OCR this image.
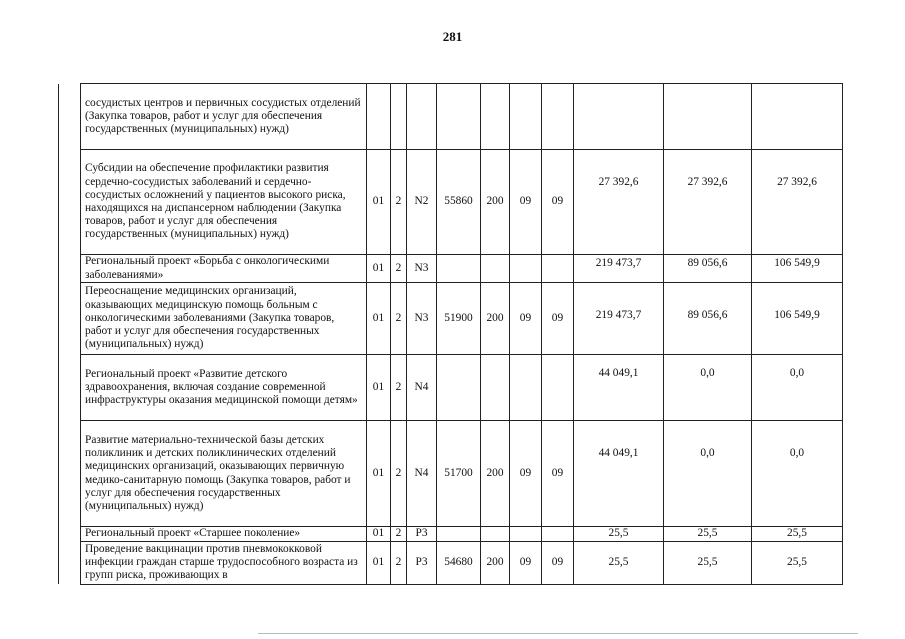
281
	сосудистых центров и первичных сосудистых отделений (Закупка товаров, работ и услуг для обеспечения государственных (муниципальных) нужд)										
	Субсидии на обеспечение профилактики развития сердечно-сосудистых заболеваний и сердечно-сосудистых осложнений у пациентов высокого риска, находящихся на диспансерном наблюдении (Закупка товаров, работ и услуг для обеспечения государственных (муниципальных) нужд)	01	2	N2	55860	200	09	09	27 392,6	27 392,6	27 392,6
	Региональный проект «Борьба с онкологическими заболеваниями»	01	2	N3					219 473,7	89 056,6	106 549,9
	Переоснащение медицинских организаций, оказывающих медицинскую помощь больным с онкологическими заболеваниями (Закупка товаров, работ и услуг для обеспечения государственных (муниципальных) нужд)	01	2	N3	51900	200	09	09	219 473,7	89 056,6	106 549,9
	Региональный проект «Развитие детского здравоохранения, включая создание современной инфраструктуры оказания медицинской помощи детям»	01	2	N4					44 049,1	0,0	0,0
	Развитие материально-технической базы детских поликлиник и детских поликлинических отделений медицинских организаций, оказывающих первичную медико-санитарную помощь (Закупка товаров, работ и услуг для обеспечения государственных (муниципальных) нужд)	01	2	N4	51700	200	09	09	44 049,1	0,0	0,0
	Региональный проект «Старшее поколение»	01	2	P3					25,5	25,5	25,5
	Проведение вакцинации против пневмококковой инфекции граждан старше трудоспособного возраста из групп риска, проживающих в	01	2	P3	54680	200	09	09	25,5	25,5	25,5
